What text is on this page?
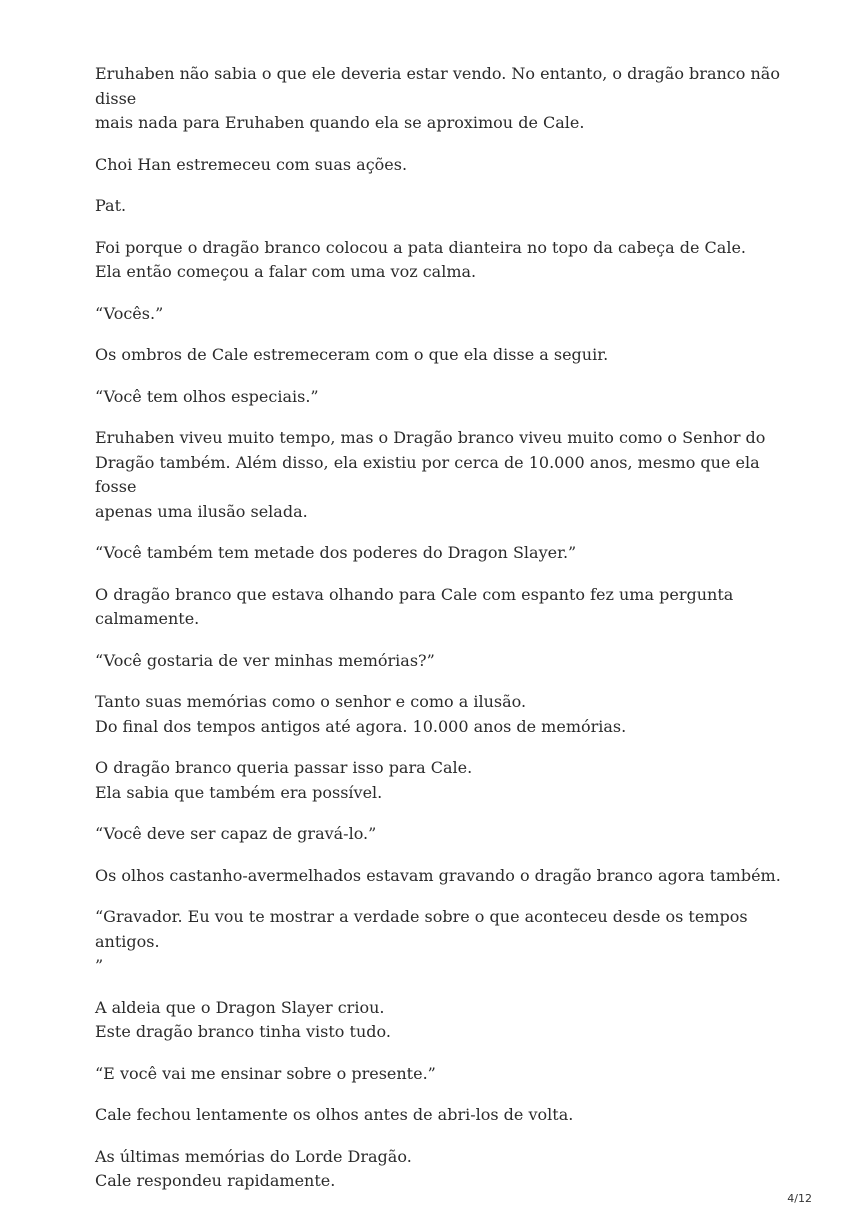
Eruhaben não sabia o que ele deveria estar vendo. No entanto, o dragão branco não disse
mais nada para Eruhaben quando ela se aproximou de Cale.

Choi Han estremeceu com suas ações.

Pat.

Foi porque o dragão branco colocou a pata dianteira no topo da cabeça de Cale.
Ela então começou a falar com uma voz calma.

“Vocês.”

Os ombros de Cale estremeceram com o que ela disse a seguir.

“Você tem olhos especiais.”

Eruhaben viveu muito tempo, mas o Dragão branco viveu muito como o Senhor do
Dragão também. Além disso, ela existiu por cerca de 10.000 anos, mesmo que ela fosse
apenas uma ilusão selada.

“Você também tem metade dos poderes do Dragon Slayer.”

O dragão branco que estava olhando para Cale com espanto fez uma pergunta
calmamente.

“Você gostaria de ver minhas memórias?”

Tanto suas memórias como o senhor e como a ilusão.
Do final dos tempos antigos até agora. 10.000 anos de memórias.

O dragão branco queria passar isso para Cale.
Ela sabia que também era possível.

“Você deve ser capaz de gravá-lo.”

Os olhos castanho-avermelhados estavam gravando o dragão branco agora também.

“Gravador. Eu vou te mostrar a verdade sobre o que aconteceu desde os tempos antigos.
”

A aldeia que o Dragon Slayer criou.
Este dragão branco tinha visto tudo.

“E você vai me ensinar sobre o presente.”

Cale fechou lentamente os olhos antes de abri-los de volta.

As últimas memórias do Lorde Dragão.
Cale respondeu rapidamente.

4/12
